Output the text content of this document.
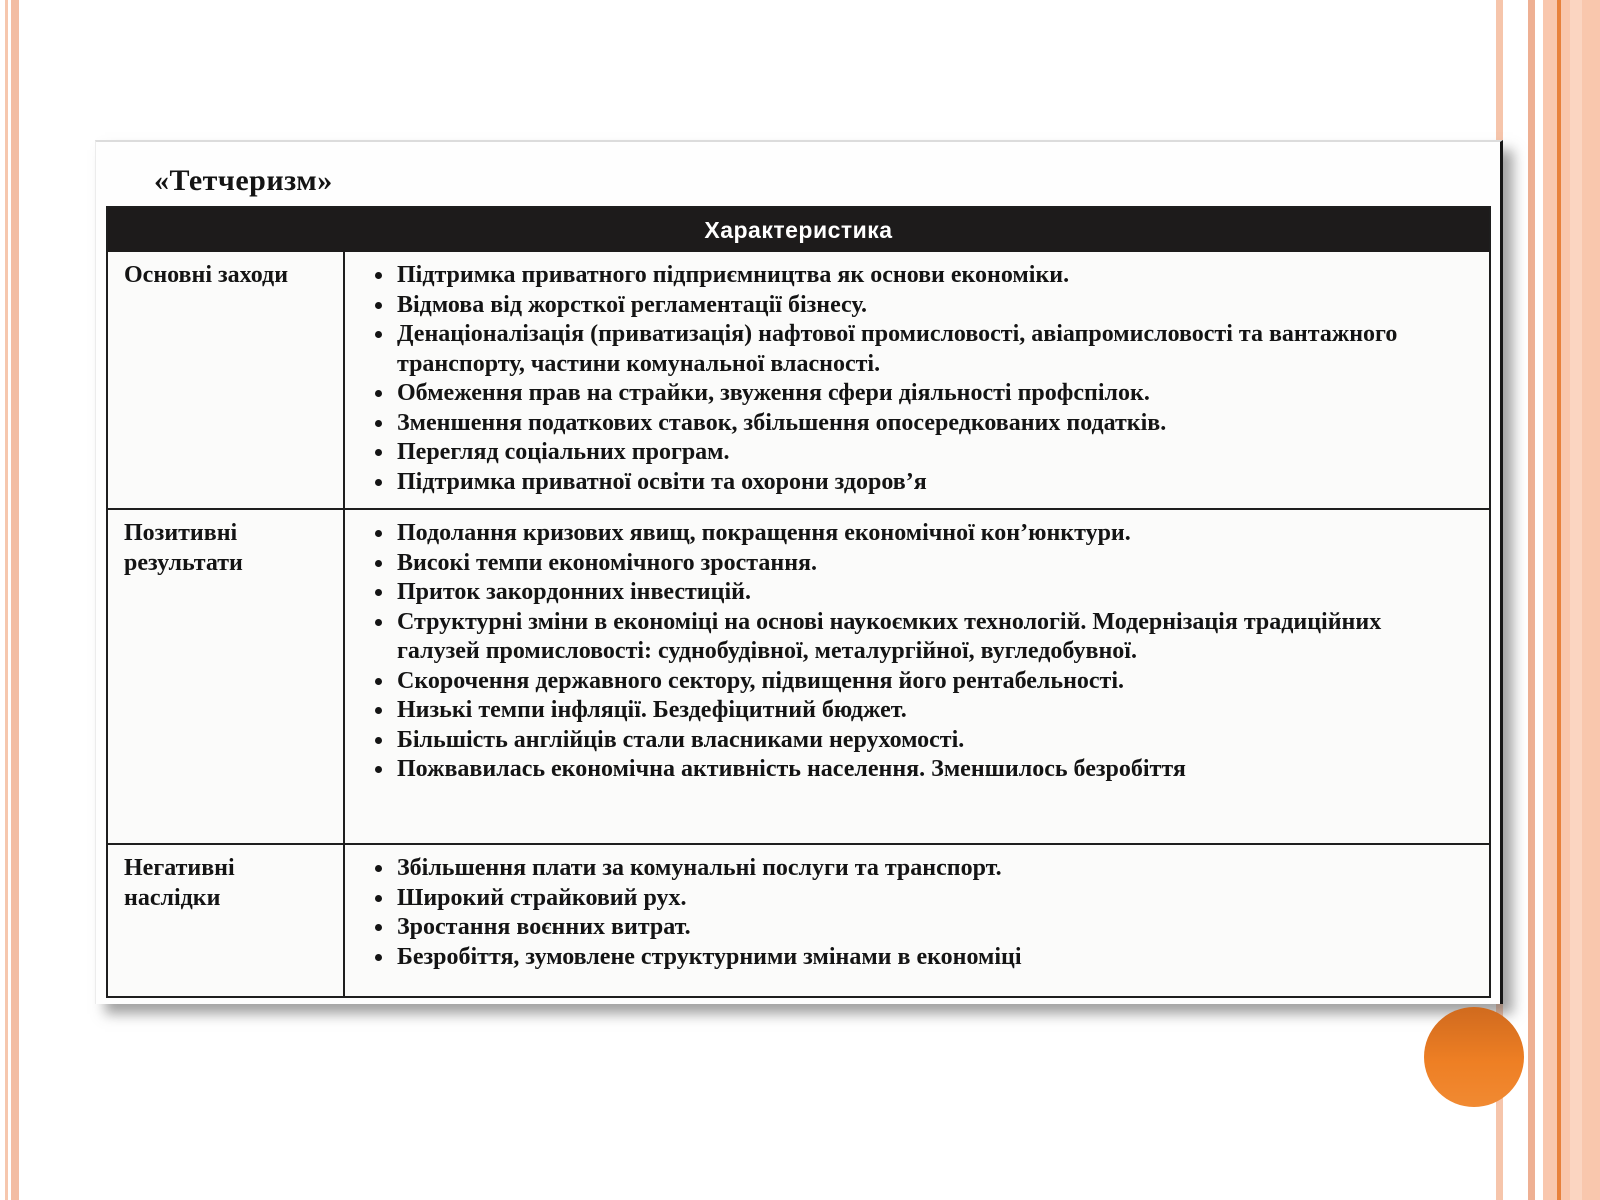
«Тетчеризм»
Характеристика
Основні заходи	• Підтримка приватного підприємництва як основи економіки.
• Відмова від жорсткої регламентації бізнесу.
• Денаціоналізація (приватизація) нафтової промисловості, авіапромисловості та вантажного транспорту, частини комунальної власності.
• Обмеження прав на страйки, звуження сфери діяльності профспілок.
• Зменшення податкових ставок, збільшення опосередкованих податків.
• Перегляд соціальних програм.
• Підтримка приватної освіти та охорони здоров’я
Позитивні результати
• Подолання кризових явищ, покращення економічної кон’юнктури.
• Високі темпи економічного зростання.
• Приток закордонних інвестицій.
• Структурні зміни в економіці на основі наукоємких технологій. Модернізація традиційних галузей промисловості: суднобудівної, металургійної, вугледобувної.
• Скорочення державного сектору, підвищення його рентабельності.
• Низькі темпи інфляції. Бездефіцитний бюджет.
• Більшість англійців стали власниками нерухомості.
• Пожвавилась економічна активність населення. Зменшилось безробіття
Негативні наслідки
• Збільшення плати за комунальні послуги та транспорт.
• Широкий страйковий рух.
• Зростання воєнних витрат.
• Безробіття, зумовлене структурними змінами в економіці
